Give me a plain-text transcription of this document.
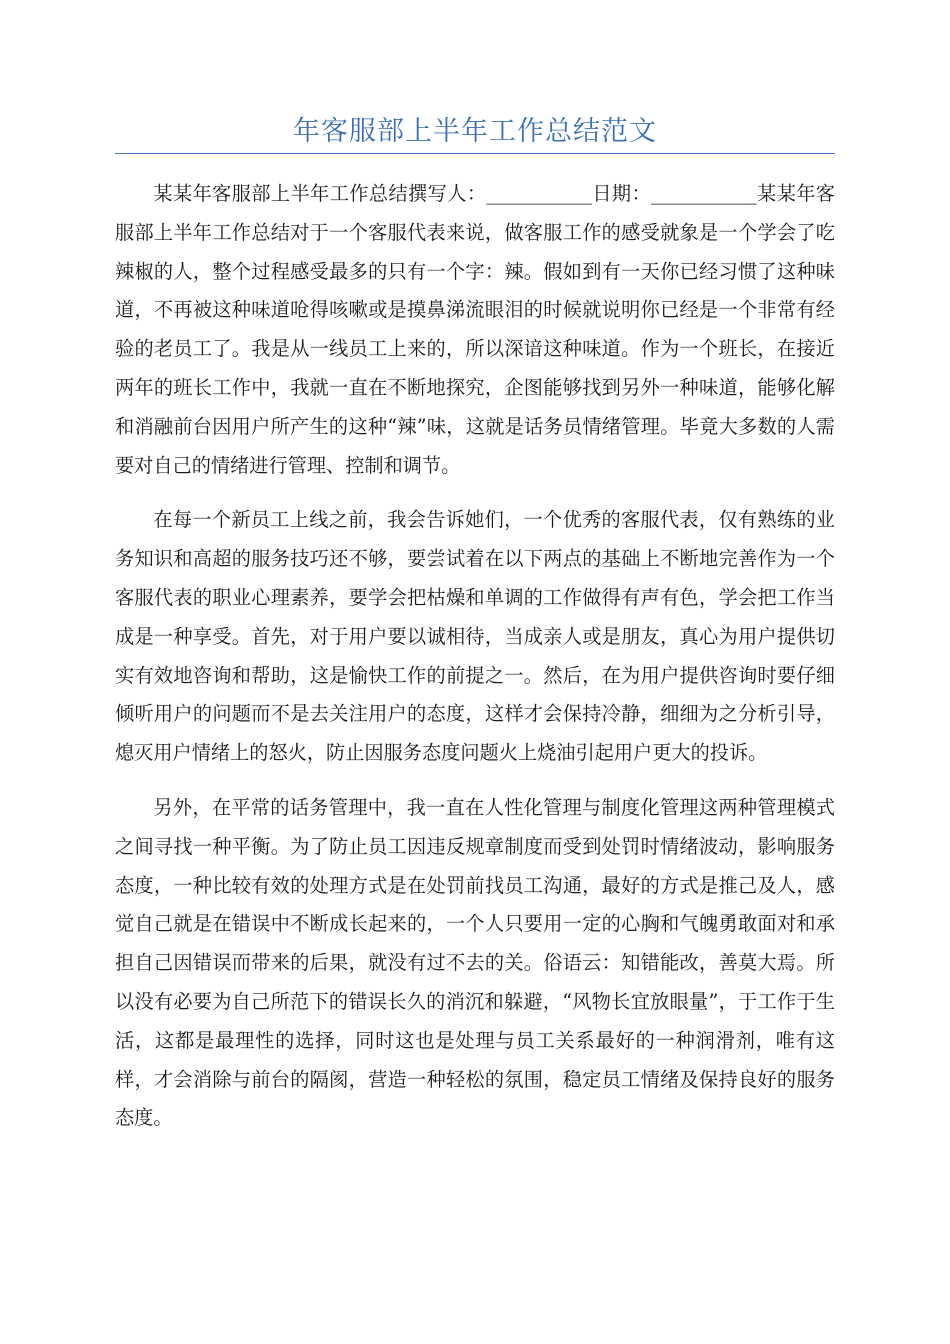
年客服部上半年工作总结范文

某某年客服部上半年工作总结撰写人：___________日期：___________某某年客服部上半年工作总结对于一个客服代表来说，做客服工作的感受就象是一个学会了吃辣椒的人，整个过程感受最多的只有一个字：辣。假如到有一天你已经习惯了这种味道，不再被这种味道呛得咳嗽或是摸鼻涕流眼泪的时候就说明你已经是一个非常有经验的老员工了。我是从一线员工上来的，所以深谙这种味道。作为一个班长，在接近两年的班长工作中，我就一直在不断地探究，企图能够找到另外一种味道，能够化解和消融前台因用户所产生的这种“辣”味，这就是话务员情绪管理。毕竟大多数的人需要对自己的情绪进行管理、控制和调节。

在每一个新员工上线之前，我会告诉她们，一个优秀的客服代表，仅有熟练的业务知识和高超的服务技巧还不够，要尝试着在以下两点的基础上不断地完善作为一个客服代表的职业心理素养，要学会把枯燥和单调的工作做得有声有色，学会把工作当成是一种享受。首先，对于用户要以诚相待，当成亲人或是朋友，真心为用户提供切实有效地咨询和帮助，这是愉快工作的前提之一。然后，在为用户提供咨询时要仔细倾听用户的问题而不是去关注用户的态度，这样才会保持冷静，细细为之分析引导，熄灭用户情绪上的怒火，防止因服务态度问题火上烧油引起用户更大的投诉。

另外，在平常的话务管理中，我一直在人性化管理与制度化管理这两种管理模式之间寻找一种平衡。为了防止员工因违反规章制度而受到处罚时情绪波动，影响服务态度，一种比较有效的处理方式是在处罚前找员工沟通，最好的方式是推己及人，感觉自己就是在错误中不断成长起来的，一个人只要用一定的心胸和气魄勇敢面对和承担自己因错误而带来的后果，就没有过不去的关。俗语云：知错能改，善莫大焉。所以没有必要为自己所范下的错误长久的消沉和躲避，“风物长宜放眼量”，于工作于生活，这都是最理性的选择，同时这也是处理与员工关系最好的一种润滑剂，唯有这样，才会消除与前台的隔阂，营造一种轻松的氛围，稳定员工情绪及保持良好的服务态度。
